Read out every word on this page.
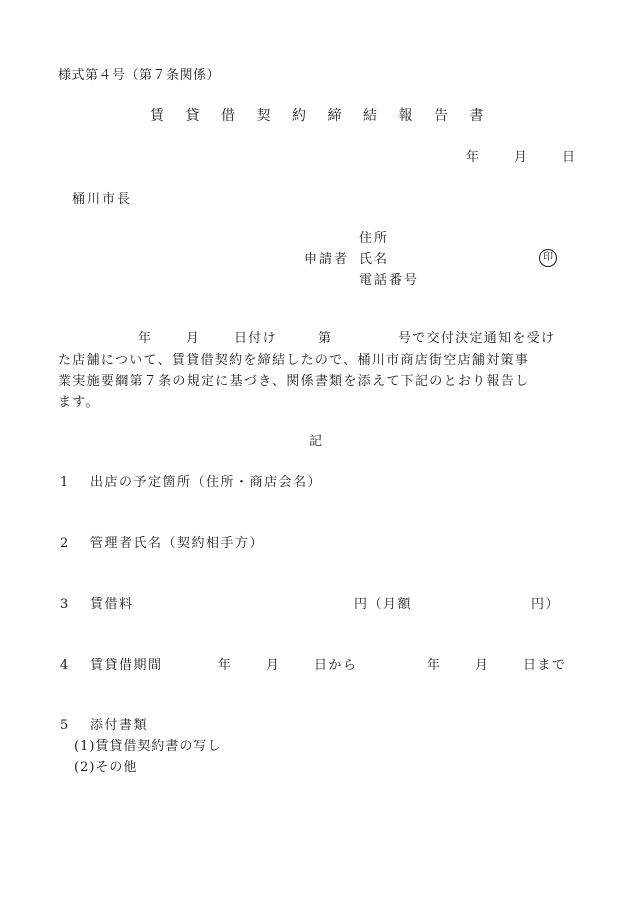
様式第４号（第７条関係）
賃 貸 借 契 約 締 結 報 告 書
年	月	日
桶川市長
住所
申請者 氏名	印
電話番号
年	月	日付け	第	号で交付決定通知を受け
た店舗について、賃貸借契約を締結したので、桶川市商店街空店舗対策事
業実施要綱第７条の規定に基づき、関係書類を添えて下記のとおり報告し
ます。
記
1 出店の予定箇所（住所・商店会名）
2 管理者氏名（契約相手方）
3 賃借料	円（月額	円）
4 賃貸借期間	年	月	日から	年	月	日まで
5 添付書類
(1)賃貸借契約書の写し
(2)その他
